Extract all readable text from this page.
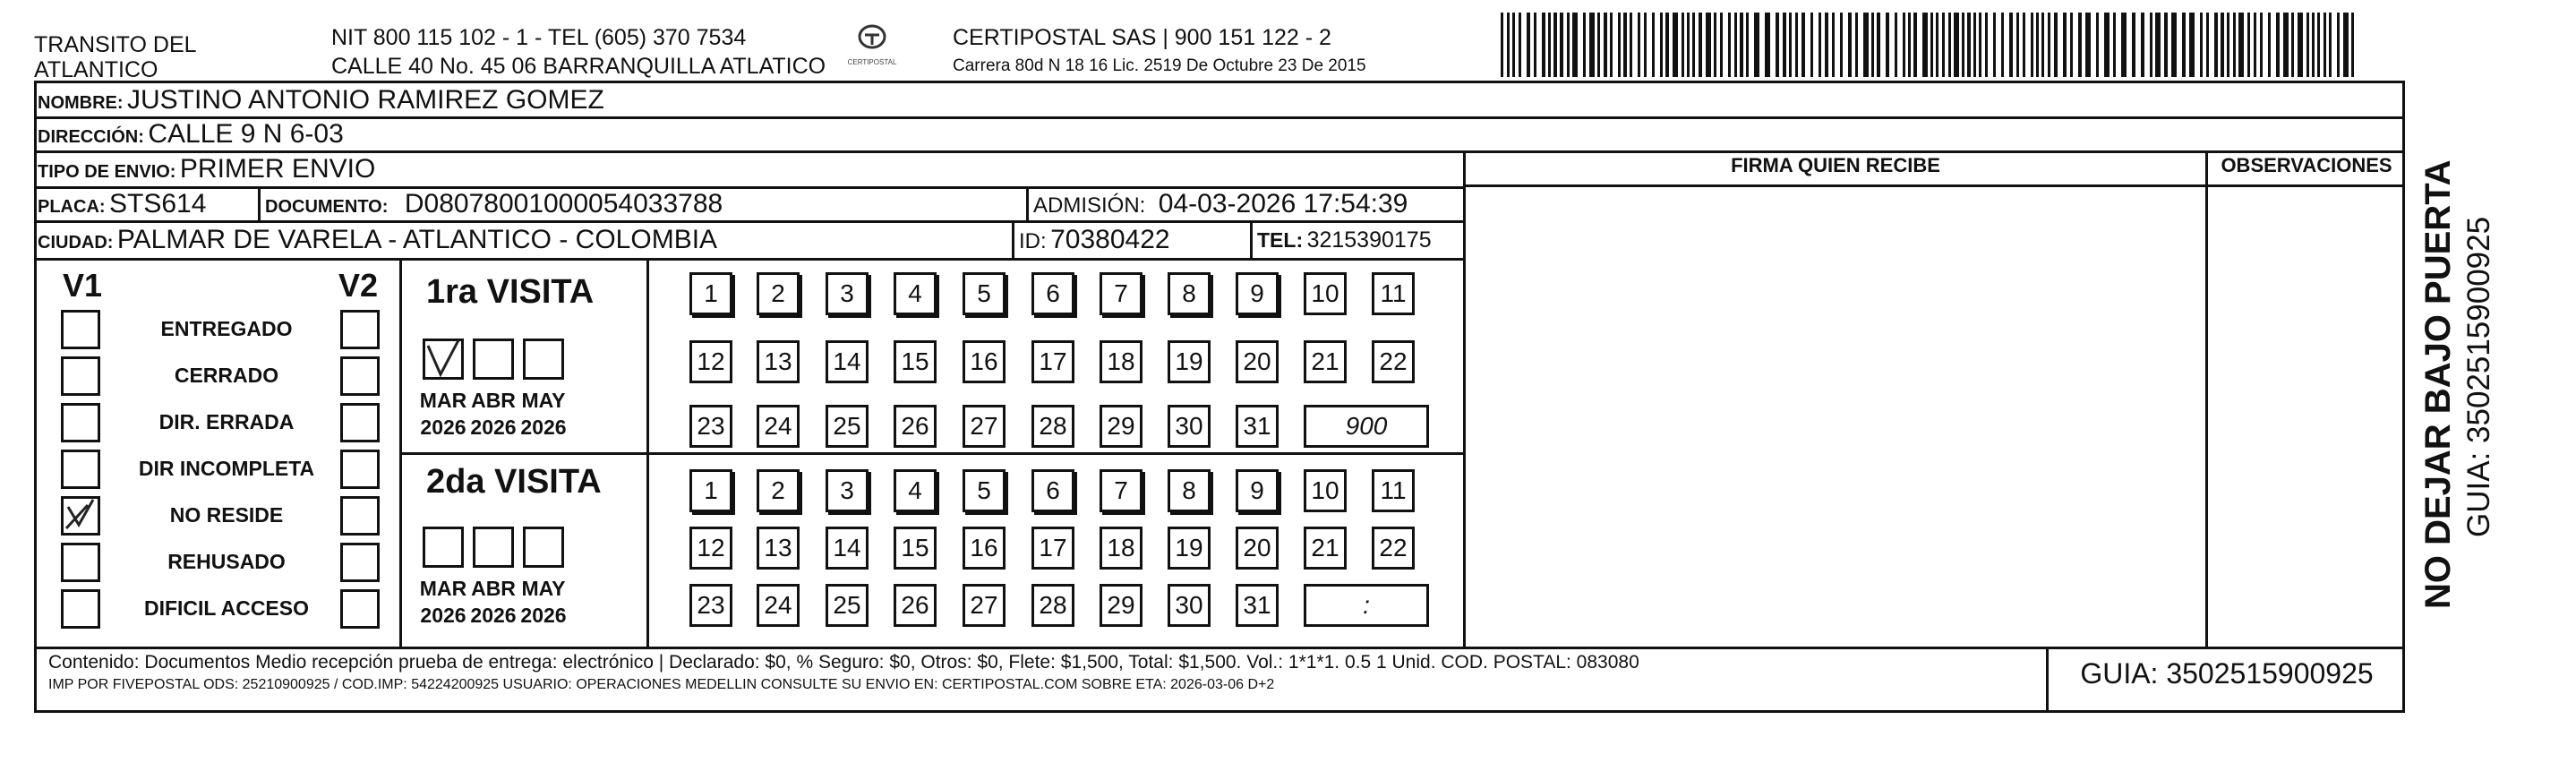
TRANSITO DEL
ATLANTICO
NIT 800 115 102 - 1 - TEL (605) 370 7534
CALLE 40 No. 45 06 BARRANQUILLA ATLATICO	CERTIPOSTAL
CERTIPOSTAL SAS | 900 151 122 - 2
Carrera 80d N 18 16 Lic. 2519 De Octubre 23 De 2015
NOMBRE: JUSTINO ANTONIO RAMIREZ GOMEZ
DIRECCIÓN: CALLE 9 N 6-03
TIPO DE ENVIO: PRIMER ENVIO
PLACA: STS614	DOCUMENTO: D08078001000054033788	ADMISIÓN: 04-03-2026 17:54:39
CIUDAD: PALMAR DE VARELA - ATLANTICO - COLOMBIA	ID: 70380422	TEL: 3215390175
FIRMA QUIEN RECIBE	OBSERVACIONES
V1	V2
ENTREGADO
CERRADO
DIR. ERRADA
DIR INCOMPLETA
NO RESIDE
REHUSADO
DIFICIL ACCESO
1ra VISITA
MAR
2026
ABR
2026
MAY
2026
1	2	3	4	5	6	7	8	9	10	11
12	13	14	15	16	17	18	19	20	21	22
23	24	25	26	27	28	29	30	31	900
2da VISITA
MAR
2026
ABR
2026
MAY
2026
1	2	3	4	5	6	7	8	9	10	11
12	13	14	15	16	17	18	19	20	21	22
23	24	25	26	27	28	29	30	31	:
Contenido: Documentos Medio recepción prueba de entrega: electrónico | Declarado: $0, % Seguro: $0, Otros: $0, Flete: $1,500, Total: $1,500. Vol.: 1*1*1. 0.5 1 Unid. COD. POSTAL: 083080
IMP POR FIVEPOSTAL ODS: 25210900925 / COD.IMP: 54224200925 USUARIO: OPERACIONES MEDELLIN CONSULTE SU ENVIO EN: CERTIPOSTAL.COM SOBRE ETA: 2026-03-06 D+2	GUIA: 3502515900925
NO DEJAR BAJO PUERTA GUIA: 3502515900925
